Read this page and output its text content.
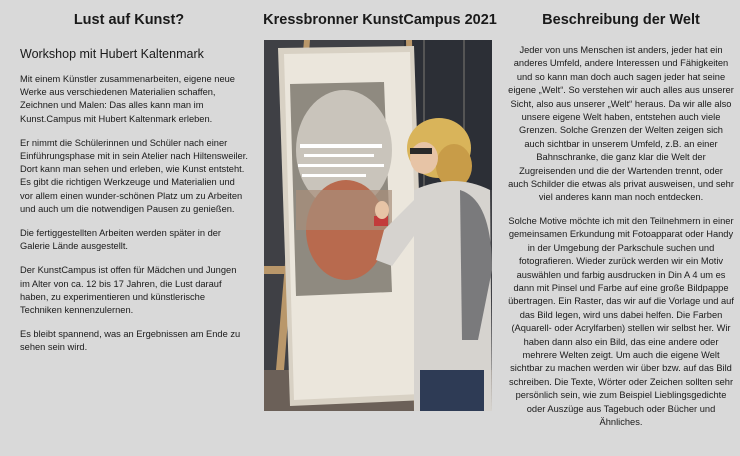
Lust auf Kunst?
Workshop mit Hubert Kaltenmark

Mit einem Künstler zusammenarbeiten, eigene neue Werke aus verschiedenen Materialien schaffen, Zeichnen und Malen: Das alles kann man im Kunst.Campus mit Hubert Kaltenmark erleben.

Er nimmt die Schülerinnen und Schüler nach einer Einführungsphase mit in sein Atelier nach Hiltensweiler. Dort kann man sehen und erleben, wie Kunst entsteht. Es gibt die richtigen Werkzeuge und Materialien und vor allem einen wunder-schönen Platz um zu Arbeiten und auch um die notwendigen Pausen zu genießen.

Die fertiggestellten Arbeiten werden später in der Galerie Lände ausgestellt.

Der KunstCampus ist offen für Mädchen und Jungen im Alter von ca. 12 bis 17 Jahren, die Lust darauf haben, zu experimentieren und künstlerische Techniken kennenzulernen.

Es bleibt spannend, was an Ergebnissen am Ende zu sehen sein wird.

Kressbronner KunstCampus 2021	Beschreibung der Welt

Jeder von uns Menschen ist anders, jeder hat ein anderes Umfeld, andere Interessen und Fähigkeiten und so kann man doch auch sagen jeder hat seine eigene „Welt“. So verstehen wir auch alles aus unserer Sicht, also aus unserer „Welt“ heraus. Da wir alle also unsere eigene Welt haben, entstehen auch viele Grenzen. Solche Grenzen der Welten zeigen sich auch sichtbar in unserem Umfeld, z.B. an einer Bahnschranke, die ganz klar die Welt der Zugreisenden und die der Wartenden trennt, oder auch Schilder die etwas als privat ausweisen, und sehr viel anderes kann man noch entdecken.

Solche Motive möchte ich mit den Teilnehmern in einer gemeinsamen Erkundung mit Fotoapparat oder Handy in der Umgebung der Parkschule suchen und fotografieren. Wieder zurück werden wir ein Motiv auswählen und farbig ausdrucken in Din A 4 um es dann mit Pinsel und Farbe auf eine große Bildpappe übertragen. Ein Raster, das wir auf die Vorlage und auf das Bild legen, wird uns dabei helfen. Die Farben (Aquarell- oder Acrylfarben) stellen wir selbst her. Wir haben dann also ein Bild, das eine andere oder mehrere Welten zeigt. Um auch die eigene Welt sichtbar zu machen werden wir über bzw. auf das Bild schreiben. Die Texte, Wörter oder Zeichen sollten sehr persönlich sein, wie zum Beispiel Lieblingsgedichte oder Auszüge aus Tagebuch oder Bücher und Ähnliches.
